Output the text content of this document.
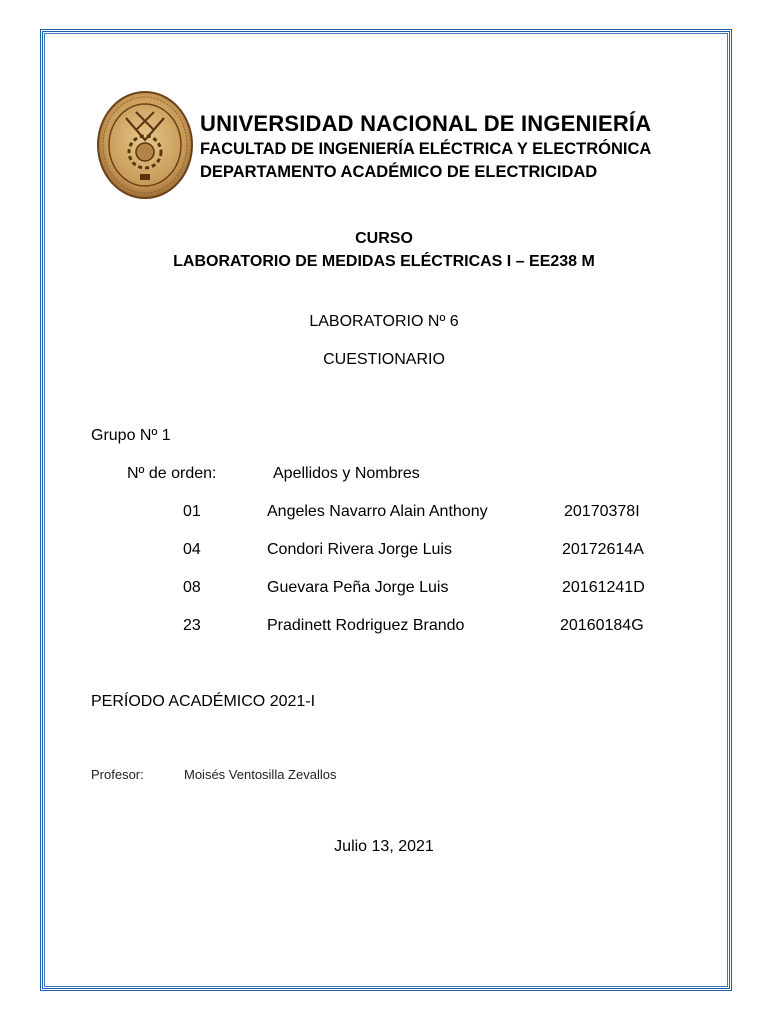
UNIVERSIDAD NACIONAL DE INGENIERÍA
FACULTAD DE INGENIERÍA ELÉCTRICA Y ELECTRÓNICA
DEPARTAMENTO ACADÉMICO DE ELECTRICIDAD
CURSO
LABORATORIO DE MEDIDAS ELÉCTRICAS I – EE238 M
LABORATORIO Nº 6
CUESTIONARIO
Grupo Nº 1
Nº de orden:	Apellidos y Nombres
01	Angeles Navarro Alain Anthony	20170378I
04	Condori Rivera Jorge Luis	20172614A
08	Guevara Peña Jorge Luis	20161241D
23	Pradinett Rodriguez Brando	20160184G
PERÍODO ACADÉMICO 2021-I
Profesor:	Moisés Ventosilla Zevallos
Julio 13, 2021
